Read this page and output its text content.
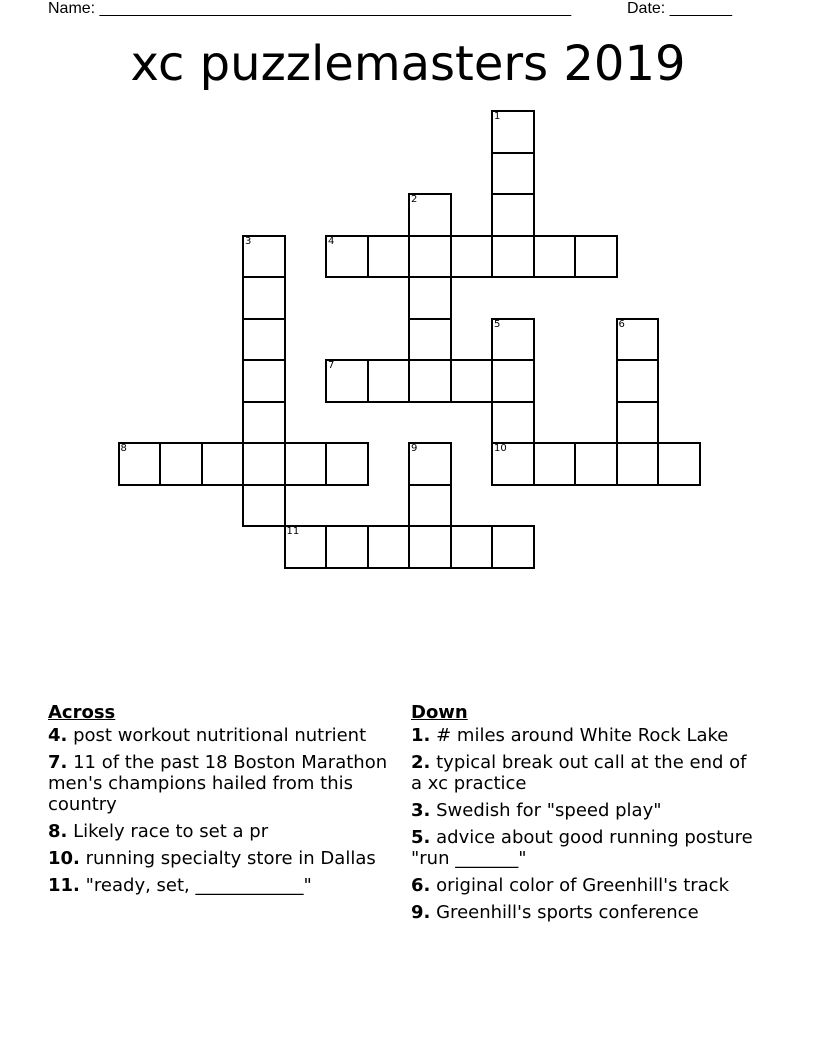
Name: _____________________________________________________	Date: _______
xc puzzlemasters 2019
1
2
3	4
5
10
6
7
8	9
11
Across
4. post workout nutritional nutrient
7. 11 of the past 18 Boston Marathon men's champions hailed from this country
8. Likely race to set a pr
10. running specialty store in Dallas
11. "ready, set, ____________"
Down
1. # miles around White Rock Lake
2. typical break out call at the end of a xc practice
3. Swedish for "speed play"
5. advice about good running posture "run _______"
6. original color of Greenhill's track
9. Greenhill's sports conference
